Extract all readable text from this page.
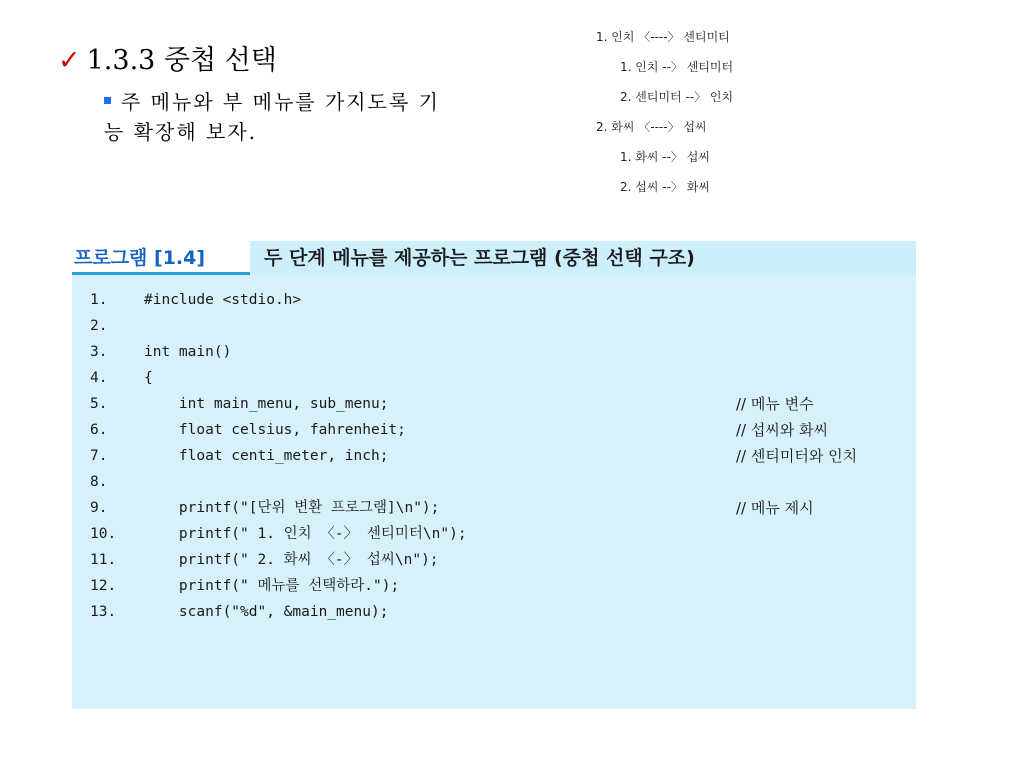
✓ 1.3.3 중첩 선택
주 메뉴와 부 메뉴를 가지도록 기
능 확장해 보자.
1. 인치 〈----〉 센티미티
1. 인치 --〉 센티미터
2. 센티미터 --〉 인치
2. 화씨 〈----〉 섭씨
1. 화씨 --〉 섭씨
2. 섭씨 --〉 화씨
프로그램 [1.4]	두 단계 메뉴를 제공하는 프로그램 (중첩 선택 구조)
1.	#include <stdio.h>
2.
3.	int main()
4.	{
5.	int main_menu, sub_menu;	// 메뉴 변수
6.	float celsius, fahrenheit;	// 섭씨와 화씨
7.	float centi_meter, inch;	// 센티미터와 인치
8.
9.	printf("[단위 변환 프로그램]\n");	// 메뉴 제시
10.	printf(" 1. 인치 〈-〉 센티미터\n");
11.	printf(" 2. 화씨 〈-〉 섭씨\n");
12.	printf(" 메뉴를 선택하라.");
13.	scanf("%d", &main_menu);
